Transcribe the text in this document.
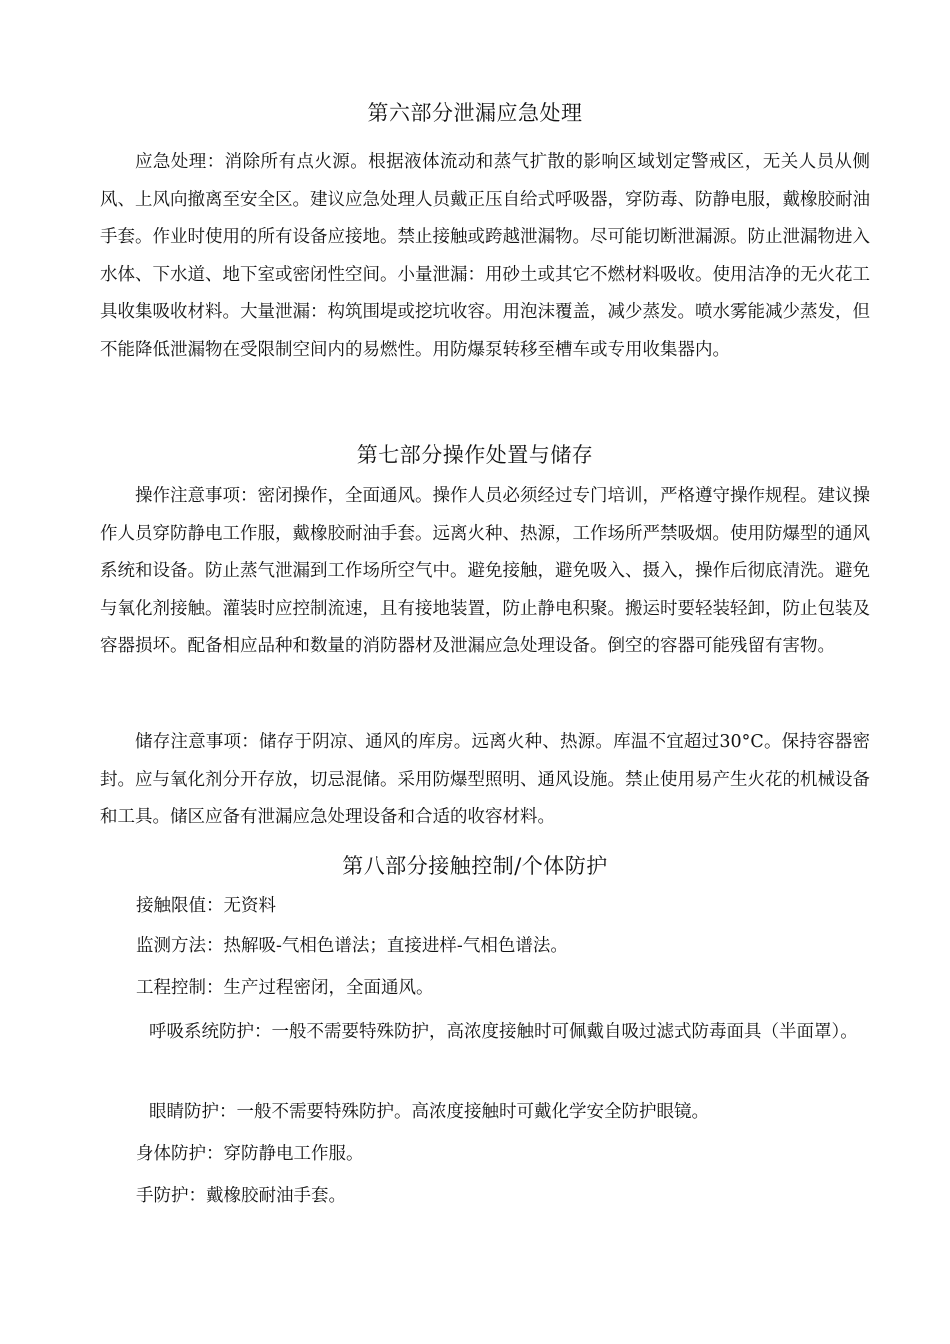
第六部分泄漏应急处理

应急处理：消除所有点火源。根据液体流动和蒸气扩散的影响区域划定警戒区，无关人员从侧风、上风向撤离至安全区。建议应急处理人员戴正压自给式呼吸器，穿防毒、防静电服，戴橡胶耐油手套。作业时使用的所有设备应接地。禁止接触或跨越泄漏物。尽可能切断泄漏源。防止泄漏物进入水体、下水道、地下室或密闭性空间。小量泄漏：用砂土或其它不燃材料吸收。使用洁净的无火花工具收集吸收材料。大量泄漏：构筑围堤或挖坑收容。用泡沫覆盖，减少蒸发。喷水雾能减少蒸发，但不能降低泄漏物在受限制空间内的易燃性。用防爆泵转移至槽车或专用收集器内。

第七部分操作处置与储存

操作注意事项：密闭操作，全面通风。操作人员必须经过专门培训，严格遵守操作规程。建议操作人员穿防静电工作服，戴橡胶耐油手套。远离火种、热源，工作场所严禁吸烟。使用防爆型的通风系统和设备。防止蒸气泄漏到工作场所空气中。避免接触，避免吸入、摄入，操作后彻底清洗。避免与氧化剂接触。灌装时应控制流速，且有接地装置，防止静电积聚。搬运时要轻装轻卸，防止包装及容器损坏。配备相应品种和数量的消防器材及泄漏应急处理设备。倒空的容器可能残留有害物。

储存注意事项：储存于阴凉、通风的库房。远离火种、热源。库温不宜超过30°C。保持容器密封。应与氧化剂分开存放，切忌混储。采用防爆型照明、通风设施。禁止使用易产生火花的机械设备和工具。储区应备有泄漏应急处理设备和合适的收容材料。

第八部分接触控制/个体防护

接触限值：无资料

监测方法：热解吸-气相色谱法；直接进样-气相色谱法。

工程控制：生产过程密闭，全面通风。

呼吸系统防护：一般不需要特殊防护，高浓度接触时可佩戴自吸过滤式防毒面具（半面罩）。

眼睛防护：一般不需要特殊防护。高浓度接触时可戴化学安全防护眼镜。

身体防护：穿防静电工作服。

手防护：戴橡胶耐油手套。
